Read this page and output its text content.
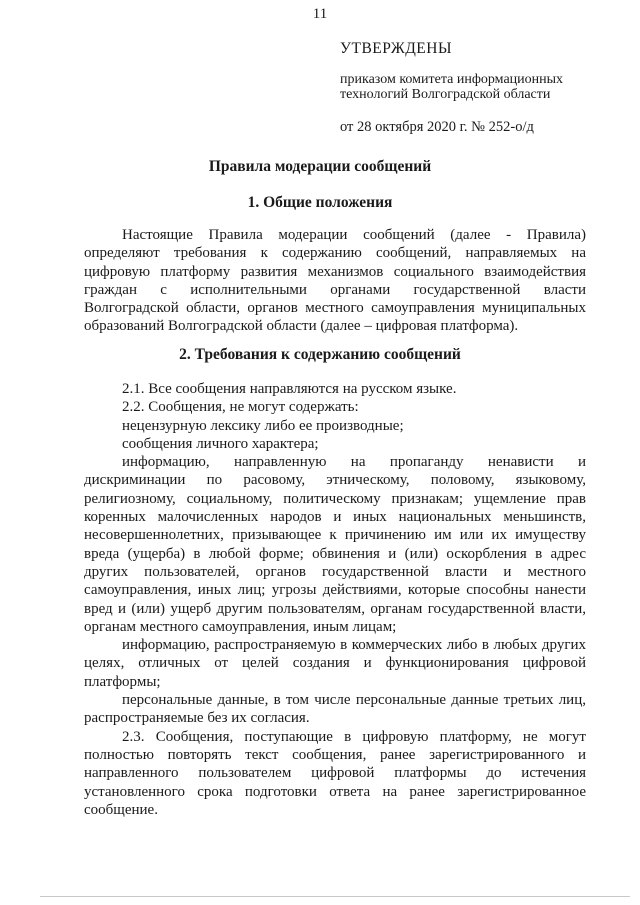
11

УТВЕРЖДЕНЫ

приказом комитета информационных

технологий Волгоградской области

от 28 октября 2020 г. № 252-о/д

Правила модерации сообщений
1. Общие положения

Настоящие Правила модерации сообщений (далее - Правила) определяют требования к содержанию сообщений, направляемых на цифровую платформу развития механизмов социального взаимодействия граждан с исполнительными органами государственной власти Волгоградской области, органов местного самоуправления муниципальных образований Волгоградской области (далее – цифровая платформа).

2. Требования к содержанию сообщений

2.1. Все сообщения направляются на русском языке.

2.2. Сообщения, не могут содержать:

нецензурную лексику либо ее производные;

сообщения личного характера;

информацию, направленную на пропаганду ненависти и дискриминации по расовому, этническому, половому, языковому, религиозному, социальному, политическому признакам; ущемление прав коренных малочисленных народов и иных национальных меньшинств, несовершеннолетних, призывающее к причинению им или их имуществу вреда (ущерба) в любой форме; обвинения и (или) оскорбления в адрес других пользователей, органов государственной власти и местного самоуправления, иных лиц; угрозы действиями, которые способны нанести вред и (или) ущерб другим пользователям, органам государственной власти, органам местного самоуправления, иным лицам;

информацию, распространяемую в коммерческих либо в любых других целях, отличных от целей создания и функционирования цифровой платформы;

персональные данные, в том числе персональные данные третьих лиц, распространяемые без их согласия.

2.3. Сообщения, поступающие в цифровую платформу, не могут полностью повторять текст сообщения, ранее зарегистрированного и направленного пользователем цифровой платформы до истечения установленного срока подготовки ответа на ранее зарегистрированное сообщение.
